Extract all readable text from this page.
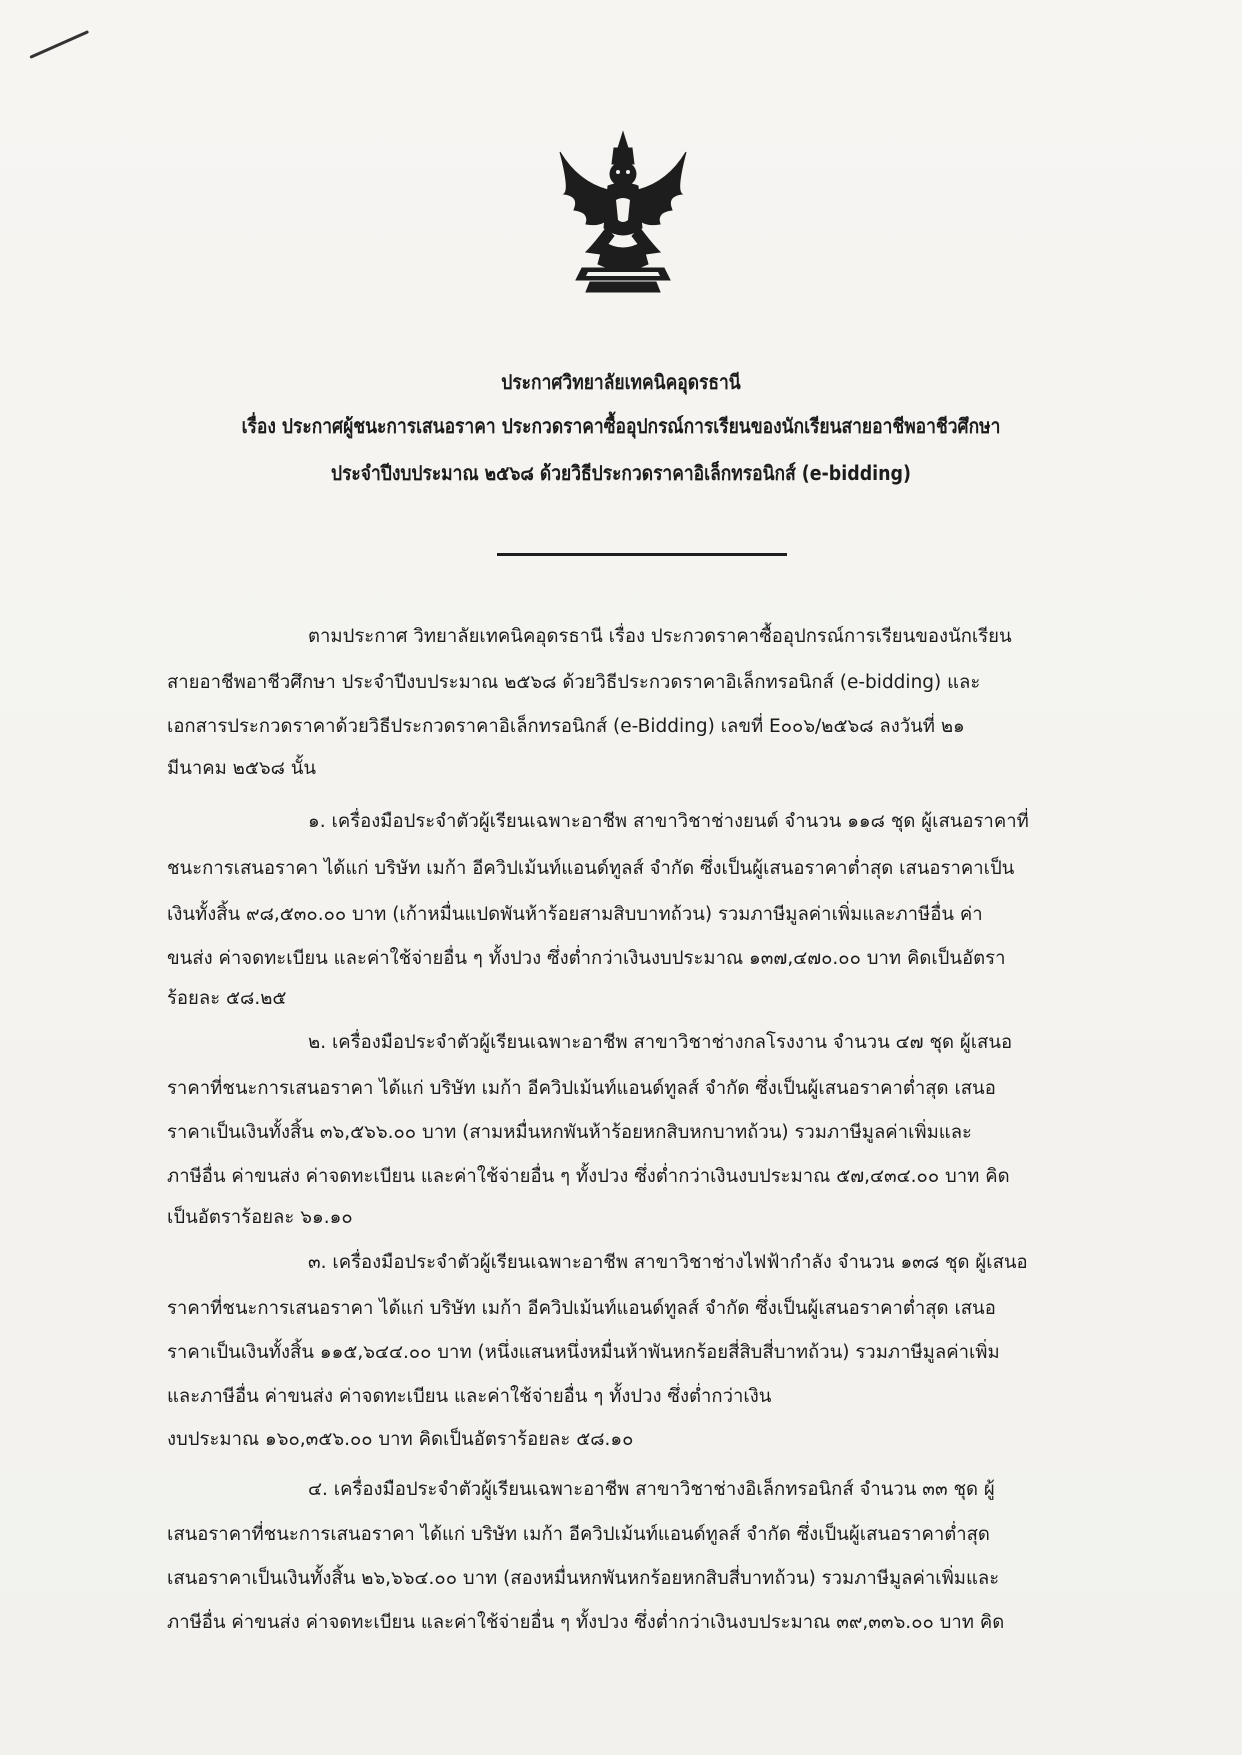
ประกาศวิทยาลัยเทคนิคอุดรธานี
เรื่อง ประกาศผู้ชนะการเสนอราคา ประกวดราคาซื้ออุปกรณ์การเรียนของนักเรียนสายอาชีพอาชีวศึกษา
ประจำปีงบประมาณ ๒๕๖๘ ด้วยวิธีประกวดราคาอิเล็กทรอนิกส์ (e-bidding)
ตามประกาศ วิทยาลัยเทคนิคอุดรธานี เรื่อง ประกวดราคาซื้ออุปกรณ์การเรียนของนักเรียน
สายอาชีพอาชีวศึกษา ประจำปีงบประมาณ ๒๕๖๘ ด้วยวิธีประกวดราคาอิเล็กทรอนิกส์ (e-bidding) และ
เอกสารประกวดราคาด้วยวิธีประกวดราคาอิเล็กทรอนิกส์ (e-Bidding) เลขที่ E๐๐๖/๒๕๖๘ ลงวันที่ ๒๑
มีนาคม ๒๕๖๘ นั้น
๑. เครื่องมือประจำตัวผู้เรียนเฉพาะอาชีพ สาขาวิชาช่างยนต์ จำนวน ๑๑๘ ชุด ผู้เสนอราคาที่
ชนะการเสนอราคา ได้แก่ บริษัท เมก้า อีควิปเม้นท์แอนด์ทูลส์ จำกัด ซึ่งเป็นผู้เสนอราคาต่ำสุด เสนอราคาเป็น
เงินทั้งสิ้น ๙๘,๕๓๐.๐๐ บาท (เก้าหมื่นแปดพันห้าร้อยสามสิบบาทถ้วน) รวมภาษีมูลค่าเพิ่มและภาษีอื่น ค่า
ขนส่ง ค่าจดทะเบียน และค่าใช้จ่ายอื่น ๆ ทั้งปวง ซึ่งต่ำกว่าเงินงบประมาณ ๑๓๗,๔๗๐.๐๐ บาท คิดเป็นอัตรา
ร้อยละ ๕๘.๒๕
๒. เครื่องมือประจำตัวผู้เรียนเฉพาะอาชีพ สาขาวิชาช่างกลโรงงาน จำนวน ๔๗ ชุด ผู้เสนอ
ราคาที่ชนะการเสนอราคา ได้แก่ บริษัท เมก้า อีควิปเม้นท์แอนด์ทูลส์ จำกัด ซึ่งเป็นผู้เสนอราคาต่ำสุด เสนอ
ราคาเป็นเงินทั้งสิ้น ๓๖,๕๖๖.๐๐ บาท (สามหมื่นหกพันห้าร้อยหกสิบหกบาทถ้วน) รวมภาษีมูลค่าเพิ่มและ
ภาษีอื่น ค่าขนส่ง ค่าจดทะเบียน และค่าใช้จ่ายอื่น ๆ ทั้งปวง ซึ่งต่ำกว่าเงินงบประมาณ ๕๗,๔๓๔.๐๐ บาท คิด
เป็นอัตราร้อยละ ๖๑.๑๐
๓. เครื่องมือประจำตัวผู้เรียนเฉพาะอาชีพ สาขาวิชาช่างไฟฟ้ากำลัง จำนวน ๑๓๘ ชุด ผู้เสนอ
ราคาที่ชนะการเสนอราคา ได้แก่ บริษัท เมก้า อีควิปเม้นท์แอนด์ทูลส์ จำกัด ซึ่งเป็นผู้เสนอราคาต่ำสุด เสนอ
ราคาเป็นเงินทั้งสิ้น ๑๑๕,๖๔๔.๐๐ บาท (หนึ่งแสนหนึ่งหมื่นห้าพันหกร้อยสี่สิบสี่บาทถ้วน) รวมภาษีมูลค่าเพิ่ม
และภาษีอื่น ค่าขนส่ง ค่าจดทะเบียน และค่าใช้จ่ายอื่น ๆ ทั้งปวง ซึ่งต่ำกว่าเงิน
งบประมาณ ๑๖๐,๓๕๖.๐๐ บาท คิดเป็นอัตราร้อยละ ๕๘.๑๐
๔. เครื่องมือประจำตัวผู้เรียนเฉพาะอาชีพ สาขาวิชาช่างอิเล็กทรอนิกส์ จำนวน ๓๓ ชุด ผู้
เสนอราคาที่ชนะการเสนอราคา ได้แก่ บริษัท เมก้า อีควิปเม้นท์แอนด์ทูลส์ จำกัด ซึ่งเป็นผู้เสนอราคาต่ำสุด
เสนอราคาเป็นเงินทั้งสิ้น ๒๖,๖๖๔.๐๐ บาท (สองหมื่นหกพันหกร้อยหกสิบสี่บาทถ้วน) รวมภาษีมูลค่าเพิ่มและ
ภาษีอื่น ค่าขนส่ง ค่าจดทะเบียน และค่าใช้จ่ายอื่น ๆ ทั้งปวง ซึ่งต่ำกว่าเงินงบประมาณ ๓๙,๓๓๖.๐๐ บาท คิด
